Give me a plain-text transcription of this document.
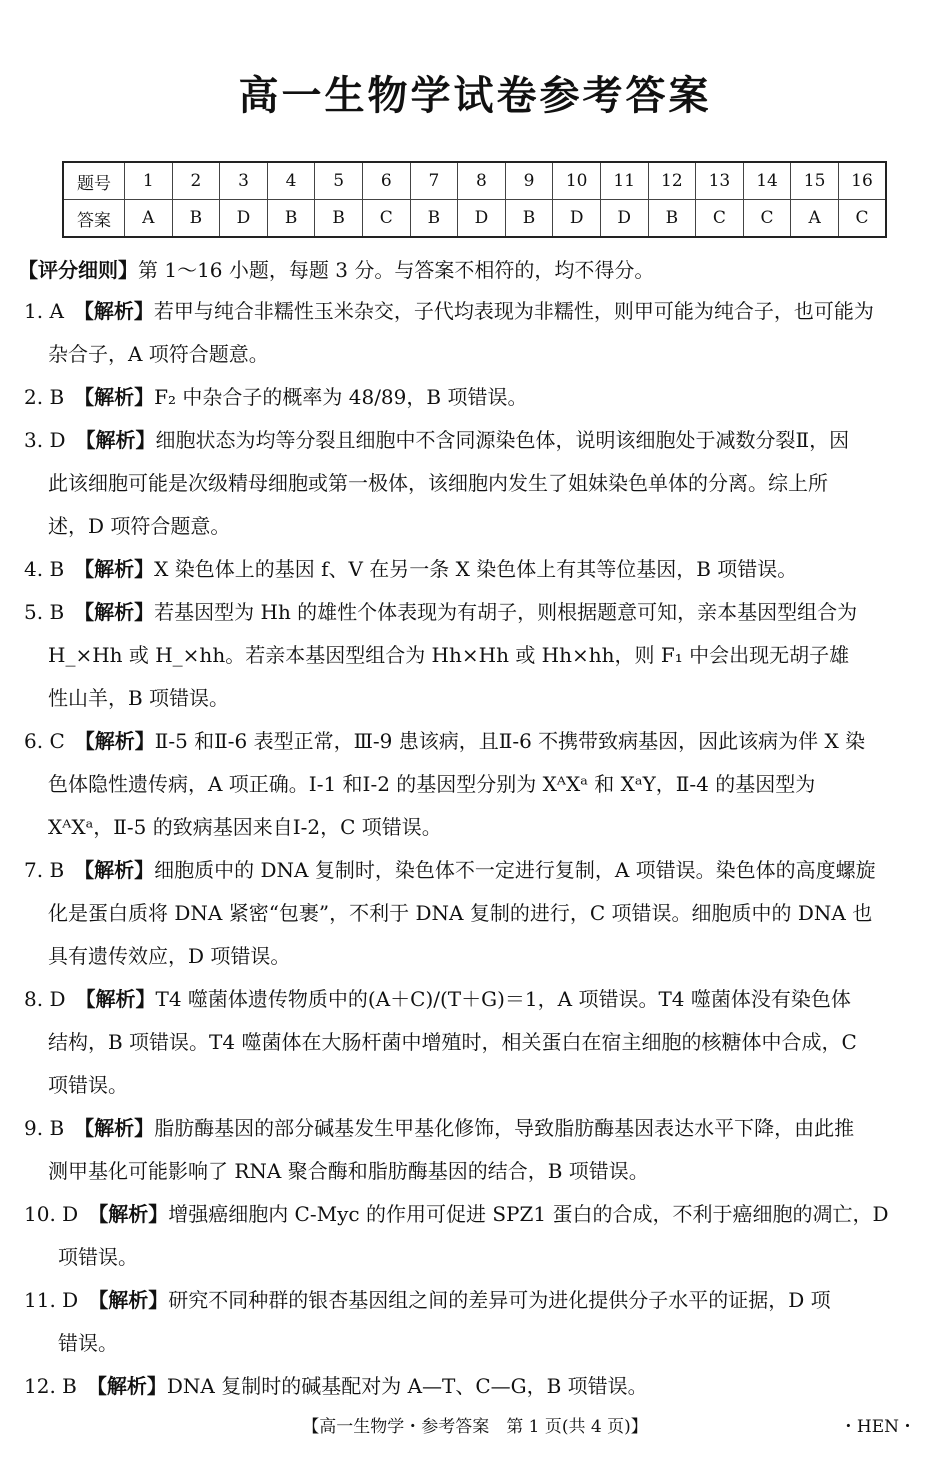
高一生物学试卷参考答案
题号	1	2	3	4	5	6	7	8	9	10	11	12	13	14	15	16
答案	A	B	D	B	B	C	B	D	B	D	D	B	C	C	A	C
【评分细则】第 1～16 小题，每题 3 分。与答案不相符的，均不得分。
1. A　 【解析】若甲与纯合非糯性玉米杂交，子代均表现为非糯性，则甲可能为纯合子，也可能为
杂合子，A 项符合题意。
2. B　 【解析】F₂ 中杂合子的概率为 48/89，B 项错误。
3. D　 【解析】细胞状态为均等分裂且细胞中不含同源染色体，说明该细胞处于减数分裂Ⅱ，因
此该细胞可能是次级精母细胞或第一极体，该细胞内发生了姐妹染色单体的分离。综上所
述，D 项符合题意。
4. B　 【解析】X 染色体上的基因 f、V 在另一条 X 染色体上有其等位基因，B 项错误。
5. B　 【解析】若基因型为 Hh 的雄性个体表现为有胡子，则根据题意可知，亲本基因型组合为
H_×Hh 或 H_×hh。若亲本基因型组合为 Hh×Hh 或 Hh×hh，则 F₁ 中会出现无胡子雄
性山羊，B 项错误。
6. C　 【解析】Ⅱ-5 和Ⅱ-6 表型正常，Ⅲ-9 患该病，且Ⅱ-6 不携带致病基因，因此该病为伴 X 染
色体隐性遗传病，A 项正确。Ⅰ-1 和Ⅰ-2 的基因型分别为 XᴬXᵃ 和 XᵃY，Ⅱ-4 的基因型为
XᴬXᵃ，Ⅱ-5 的致病基因来自Ⅰ-2，C 项错误。
7. B　 【解析】细胞质中的 DNA 复制时，染色体不一定进行复制，A 项错误。染色体的高度螺旋
化是蛋白质将 DNA 紧密“包裹”，不利于 DNA 复制的进行，C 项错误。细胞质中的 DNA 也
具有遗传效应，D 项错误。
8. D　 【解析】T4 噬菌体遗传物质中的(A＋C)/(T＋G)＝1，A 项错误。T4 噬菌体没有染色体
结构，B 项错误。T4 噬菌体在大肠杆菌中增殖时，相关蛋白在宿主细胞的核糖体中合成，C
项错误。
9. B　 【解析】脂肪酶基因的部分碱基发生甲基化修饰，导致脂肪酶基因表达水平下降，由此推
测甲基化可能影响了 RNA 聚合酶和脂肪酶基因的结合，B 项错误。
10. D　 【解析】增强癌细胞内 C-Myc 的作用可促进 SPZ1 蛋白的合成，不利于癌细胞的凋亡，D
项错误。
11. D　 【解析】研究不同种群的银杏基因组之间的差异可为进化提供分子水平的证据，D 项
错误。
12. B　 【解析】DNA 复制时的碱基配对为 A—T、C—G，B 项错误。
【高一生物学・参考答案　第 1 页(共 4 页)】	・HEN・
